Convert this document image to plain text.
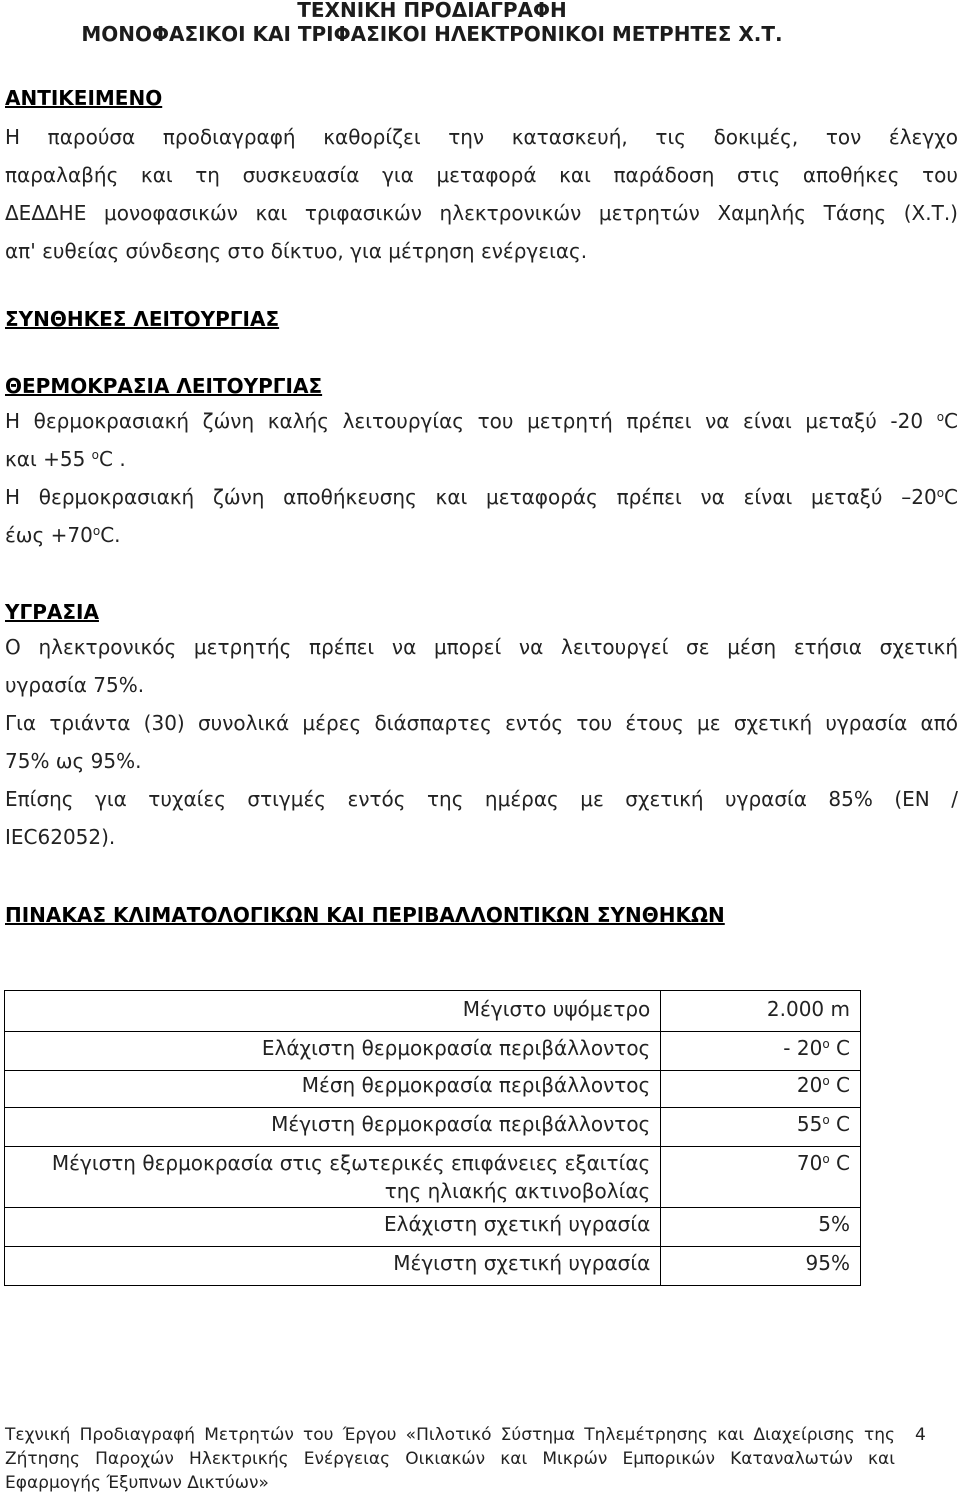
ΤΕΧΝΙΚΗ ΠΡΟΔΙΑΓΡΑΦΗ
ΜΟΝΟΦΑΣΙΚΟΙ ΚΑΙ ΤΡΙΦΑΣΙΚΟΙ ΗΛΕΚΤΡΟΝΙΚΟΙ ΜΕΤΡΗΤΕΣ Χ.Τ.
ΑΝΤΙΚΕΙΜΕΝΟ
Η παρούσα προδιαγραφή καθορίζει την κατασκευή, τις δοκιμές, τον έλεγχο
παραλαβής και τη συσκευασία για μεταφορά και παράδοση στις αποθήκες του
ΔΕΔΔΗΕ μονοφασικών και τριφασικών ηλεκτρονικών μετρητών Χαμηλής Τάσης (Χ.Τ.)
απ' ευθείας σύνδεσης στο δίκτυο, για μέτρηση ενέργειας.
ΣΥΝΘΗΚΕΣ ΛΕΙΤΟΥΡΓΙΑΣ
ΘΕΡΜΟΚΡΑΣΙΑ ΛΕΙΤΟΥΡΓΙΑΣ
Η θερμοκρασιακή ζώνη καλής λειτουργίας του μετρητή πρέπει να είναι μεταξύ -20 $^o$C
και +55 $^o$C .
Η θερμοκρασιακή ζώνη αποθήκευσης και μεταφοράς πρέπει να είναι μεταξύ –20$^o$C
$έ\omega\varsigma +70^oC$.
ΥΓΡΑΣΙΑ
Ο ηλεκτρονικός μετρητής πρέπει να μπορεί να λειτουργεί σε μέση ετήσια σχετική
υγρασία 75%.
Για τριάντα (30) συνολικά μέρες διάσπαρτες εντός του έτους με σχετική υγρασία από
75% ως 95%.
Επίσης για τυχαίες στιγμές εντός της ημέρας με σχετική υγρασία 85% (EN /
IEC62052).
ΠΙΝΑΚΑΣ ΚΛΙΜΑΤΟΛΟΓΙΚΩΝ ΚΑΙ ΠΕΡΙΒΑΛΛΟΝΤΙΚΩΝ ΣΥΝΘΗΚΩΝ
Μέγιστο υψόμετρο	2.000 m
Ελάχιστη θερμοκρασία περιβάλλοντος	- 20$^o$ C
Μέση θερμοκρασία περιβάλλοντος	20$^o$ C
Μέγιστη θερμοκρασία περιβάλλοντος	55$^o$ C

Μέγιστη θερμοκρασία στις εξωτερικές επιφάνειες εξαιτίας
της ηλιακής ακτινοβολίας	70$^o$ C
Ελάχιστη σχετική υγρασία	5%
Μέγιστη σχετική υγρασία	95%
Τεχνική Προδιαγραφή Μετρητών του Έργου «Πιλοτικό Σύστημα Τηλεμέτρησης και Διαχείρισης της
Ζήτησης Παροχών Ηλεκτρικής Ενέργειας Οικιακών και Μικρών Εμπορικών Καταναλωτών και
Εφαρμογής Έξυπνων Δικτύων»
4
